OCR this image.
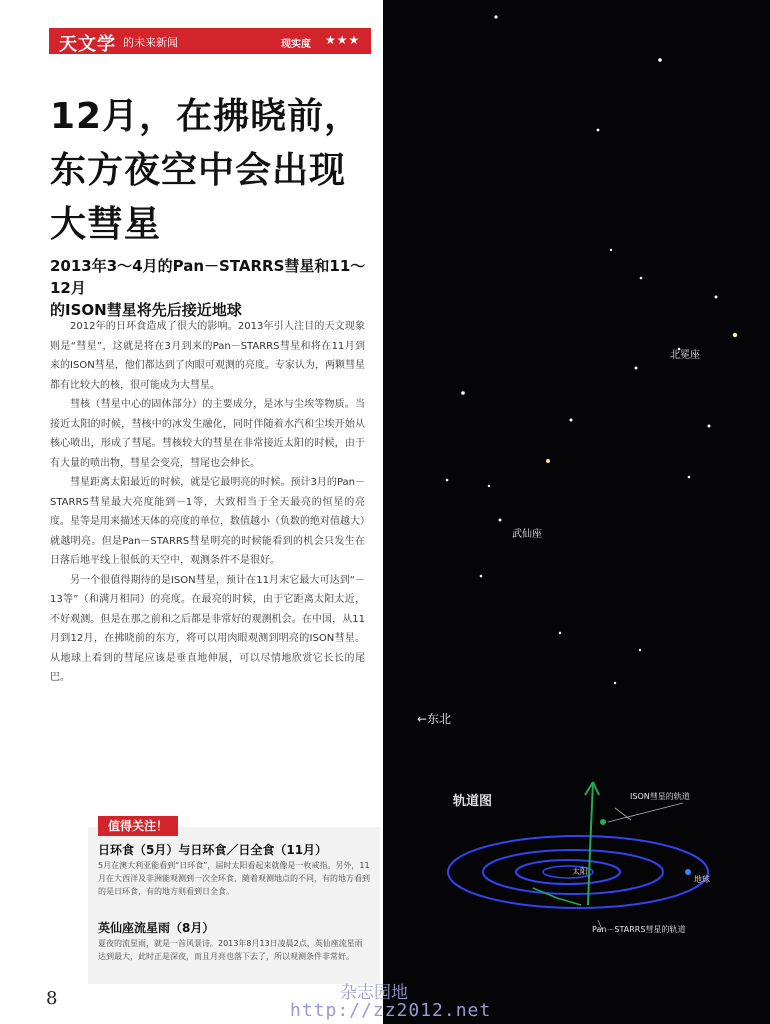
天文学 的未来新闻	现实度 ★★★
12月，在拂晓前，
东方夜空中会出现
大彗星
2013年3～4月的Pan－STARRS彗星和11～12月
的ISON彗星将先后接近地球

2012年的日环食造成了很大的影响。2013年引人注目的天文现象则是“彗星”，这就是将在3月到来的Pan－STARRS彗星和将在11月到来的ISON彗星，他们都达到了肉眼可观测的亮度。专家认为，两颗彗星都有比较大的核，很可能成为大彗星。

彗核（彗星中心的固体部分）的主要成分，是冰与尘埃等物质。当接近太阳的时候，彗核中的冰发生融化，同时伴随着水汽和尘埃开始从核心喷出，形成了彗尾。彗核较大的彗星在非常接近太阳的时候，由于有大量的喷出物，彗星会变亮，彗尾也会伸长。

彗星距离太阳最近的时候，就是它最明亮的时候。预计3月的Pan－STARRS彗星最大亮度能到－1等，大致相当于全天最亮的恒星的亮度。星等是用来描述天体的亮度的单位，数值越小（负数的绝对值越大）就越明亮。但是Pan－STARRS彗星明亮的时候能看到的机会只发生在日落后地平线上很低的天空中，观测条件不是很好。

另一个很值得期待的是ISON彗星，预计在11月末它最大可达到“－13等”（和满月相同）的亮度。在最亮的时候，由于它距离太阳太近，不好观测。但是在那之前和之后都是非常好的观测机会。在中国，从11月到12月，在拂晓前的东方，将可以用肉眼观测到明亮的ISON彗星。从地球上看到的彗尾应该是垂直地伸展，可以尽情地欣赏它长长的尾巴。

值得关注！
日环食（5月）与日环食／日全食（11月）
5月在澳大利亚能看到“日环食”，届时太阳看起来就像是一枚戒指。另外，11月在大西洋及非洲能观测到一次全环食，随着观测地点的不同，有的地方看到的是日环食，有的地方则看到日全食。
英仙座流星雨（8月）
夏夜的流星雨，就是一首风景诗。2013年8月13日凌晨2点，英仙座流星雨达到最大，此时正是深夜，而且月亮也落下去了，所以观测条件非常好。
8
北冕座
武仙座
←东北
轨道图	ISON彗星的轨道
太阳
地球
Pan－STARRS彗星的轨道
杂志园地
http://zz2012.net
